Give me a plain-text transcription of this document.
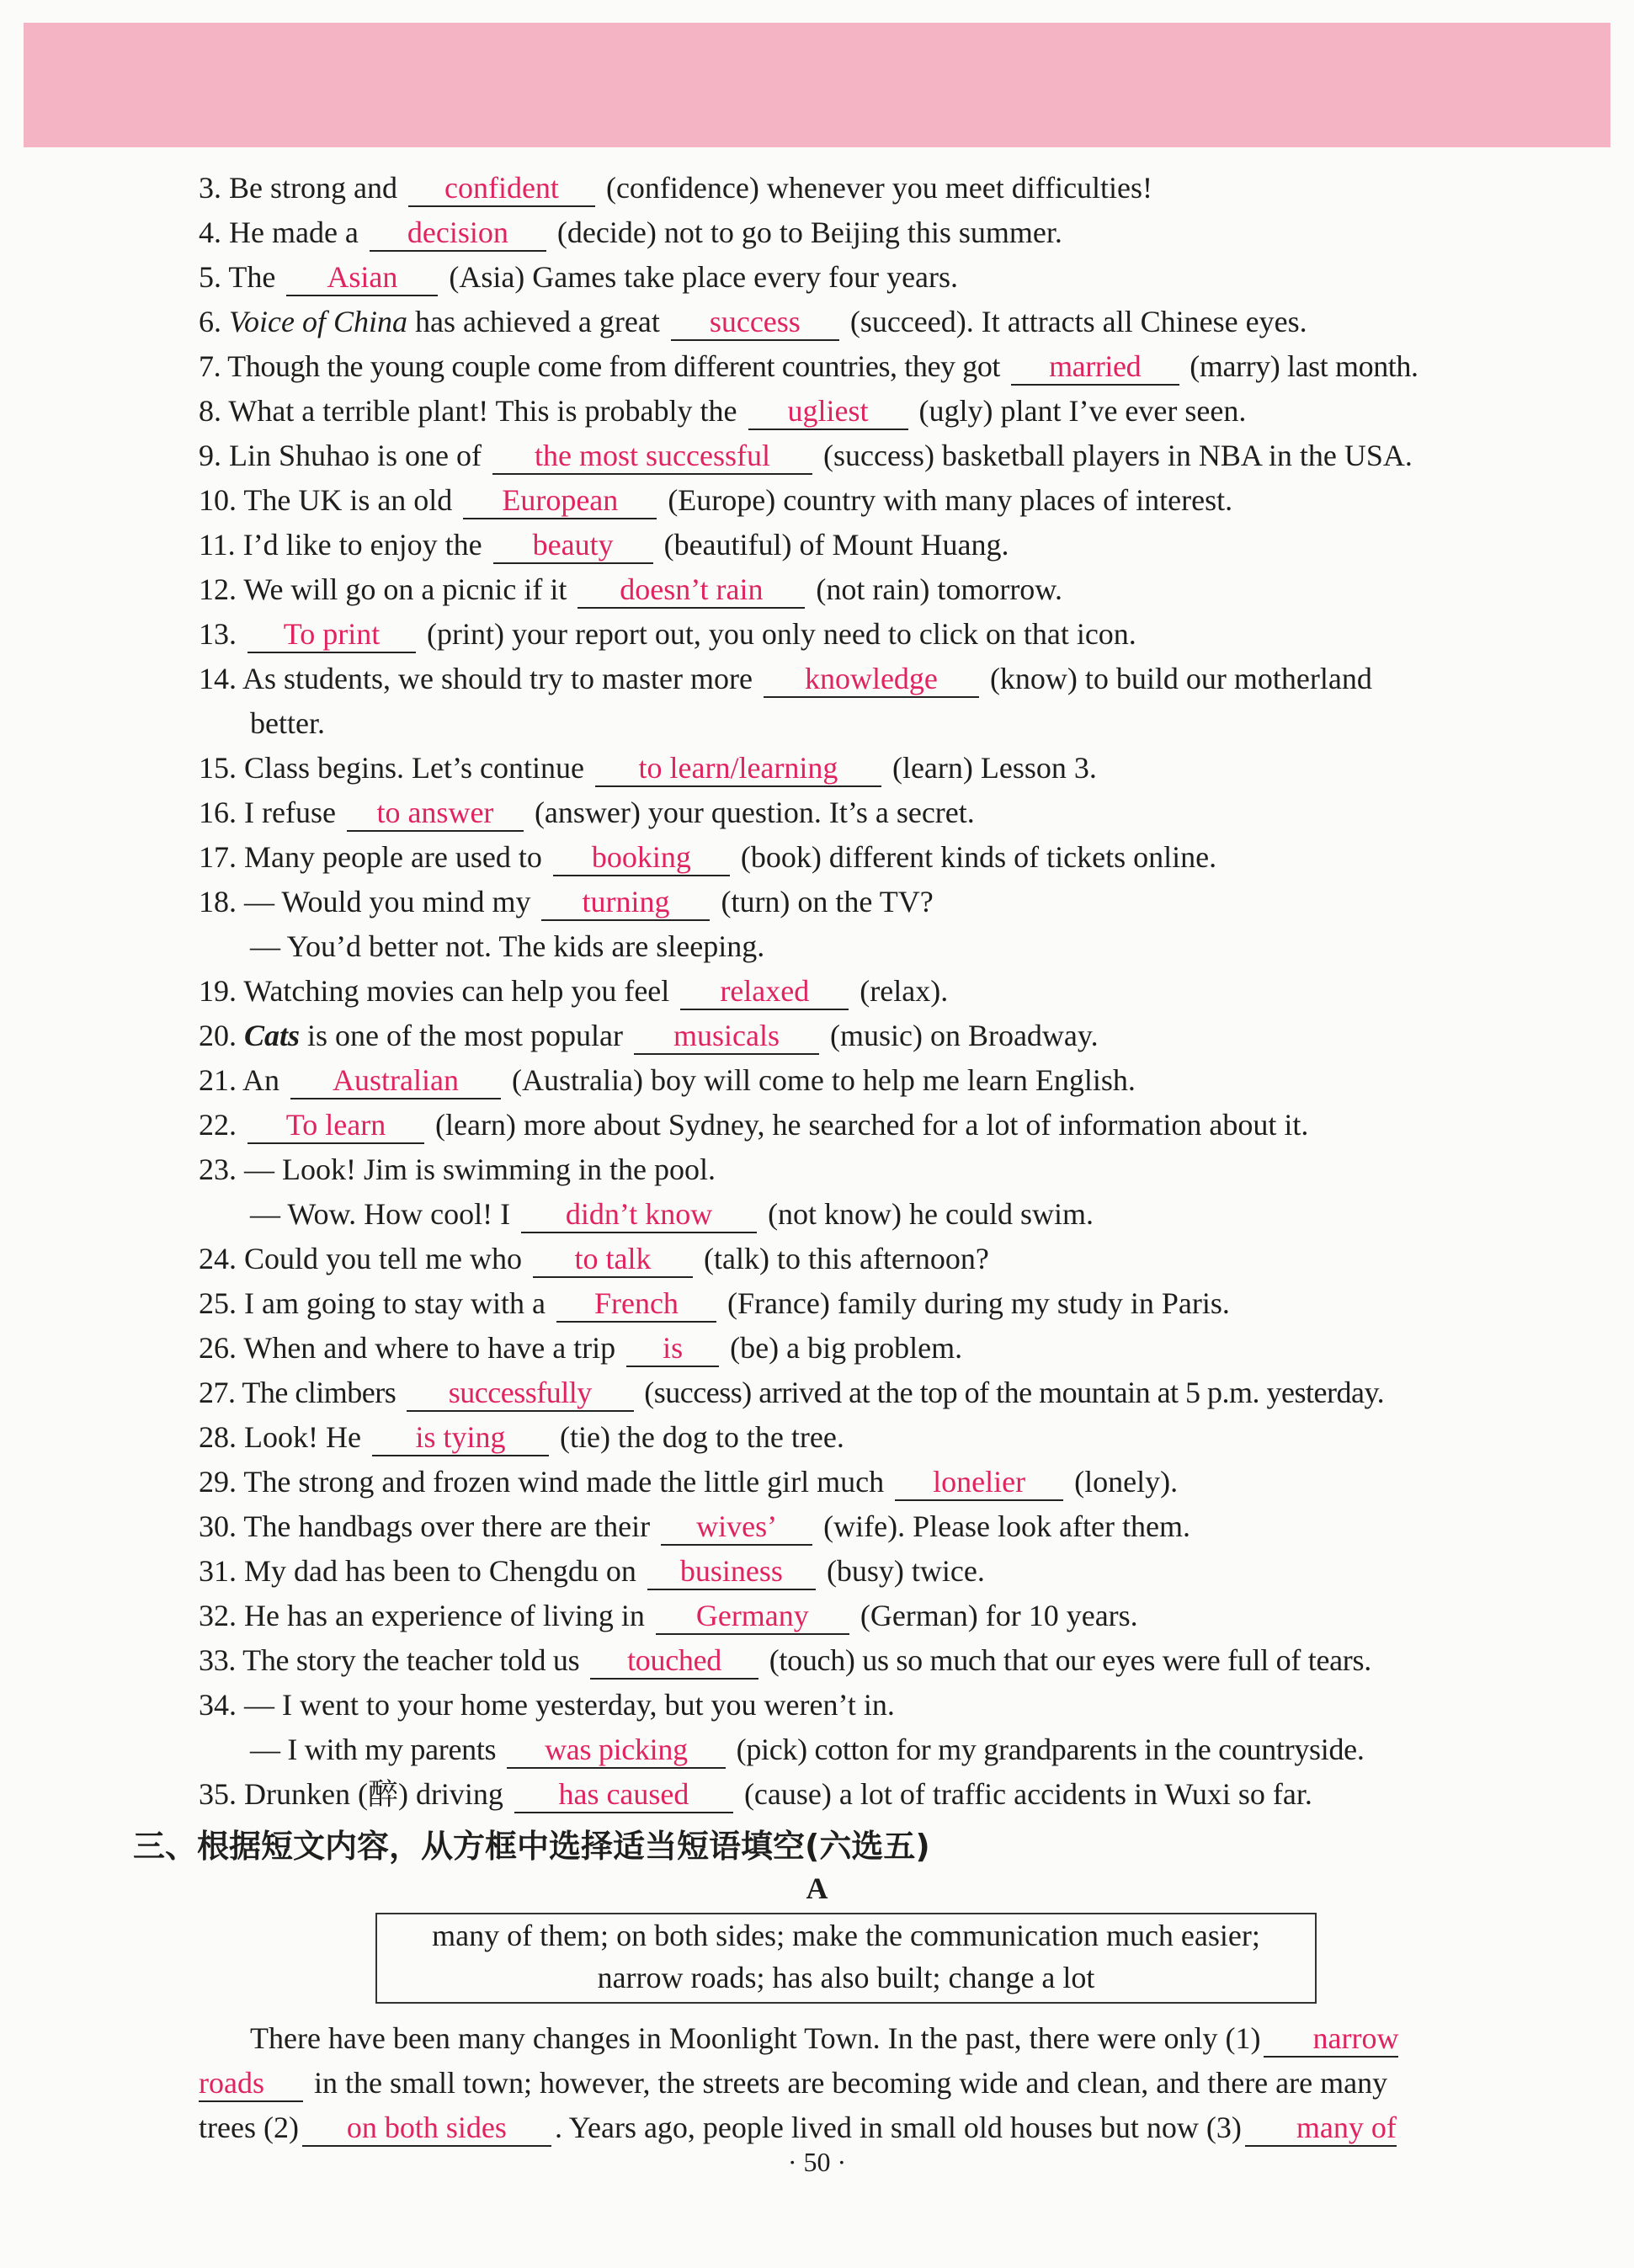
3. Be strong and confident (confidence) whenever you meet difficulties!
4. He made a decision (decide) not to go to Beijing this summer.
5. The Asian (Asia) Games take place every four years.
6. Voice of China has achieved a great success (succeed). It attracts all Chinese eyes.
7. Though the young couple come from different countries, they got married (marry) last month.
8. What a terrible plant! This is probably the ugliest (ugly) plant I’ve ever seen.
9. Lin Shuhao is one of the most successful (success) basketball players in NBA in the USA.
10. The UK is an old European (Europe) country with many places of interest.
11. I’d like to enjoy the beauty (beautiful) of Mount Huang.
12. We will go on a picnic if it doesn’t rain (not rain) tomorrow.
13. To print (print) your report out, you only need to click on that icon.
14. As students, we should try to master more knowledge (know) to build our motherland
better.
15. Class begins. Let’s continue to learn/learning (learn) Lesson 3.
16. I refuse to answer (answer) your question. It’s a secret.
17. Many people are used to booking (book) different kinds of tickets online.
18. — Would you mind my turning (turn) on the TV?
— You’d better not. The kids are sleeping.
19. Watching movies can help you feel relaxed (relax).
20. Cats is one of the most popular musicals (music) on Broadway.
21. An Australian (Australia) boy will come to help me learn English.
22. To learn (learn) more about Sydney, he searched for a lot of information about it.
23. — Look! Jim is swimming in the pool.
— Wow. How cool! I didn’t know (not know) he could swim.
24. Could you tell me who to talk (talk) to this afternoon?
25. I am going to stay with a French (France) family during my study in Paris.
26. When and where to have a trip is (be) a big problem.
27. The climbers successfully (success) arrived at the top of the mountain at 5 p.m. yesterday.
28. Look! He is tying (tie) the dog to the tree.
29. The strong and frozen wind made the little girl much lonelier (lonely).
30. The handbags over there are their wives’ (wife). Please look after them.
31. My dad has been to Chengdu on business (busy) twice.
32. He has an experience of living in Germany (German) for 10 years.
33. The story the teacher told us touched (touch) us so much that our eyes were full of tears.
34. — I went to your home yesterday, but you weren’t in.
— I with my parents was picking (pick) cotton for my grandparents in the countryside.
35. Drunken (醉) driving has caused (cause) a lot of traffic accidents in Wuxi so far.
三、根据短文内容，从方框中选择适当短语填空(六选五)
A
many of them; on both sides; make the communication much easier;
narrow roads; has also built; change a lot
There have been many changes in Moonlight Town. In the past, there were only (1) narrow
roads in the small town; however, the streets are becoming wide and clean, and there are many
trees (2) on both sides . Years ago, people lived in small old houses but now (3) many of
· 50 ·
